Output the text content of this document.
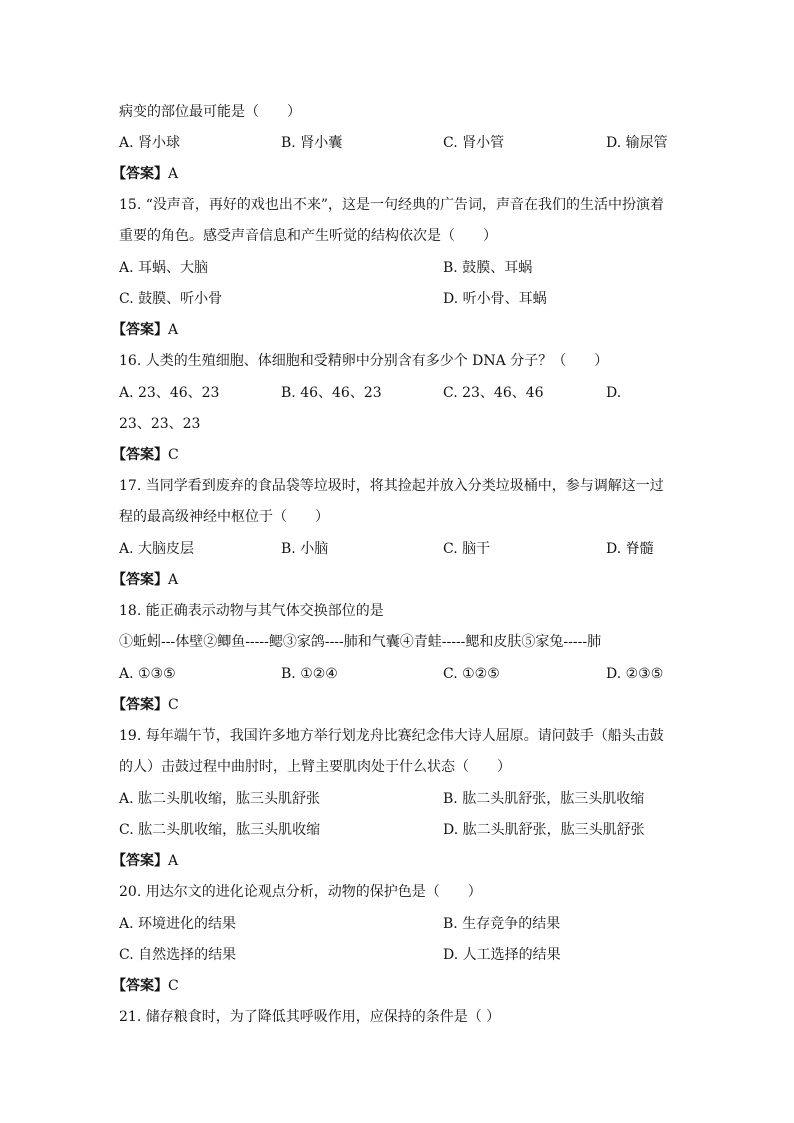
病变的部位最可能是（　　）
A. 肾小球	B. 肾小囊	C. 肾小管	D. 输尿管
【答案】A
15. “没声音，再好的戏也出不来”，这是一句经典的广告词，声音在我们的生活中扮演着
重要的角色。感受声音信息和产生听觉的结构依次是（　　）
A. 耳蜗、大脑	B. 鼓膜、耳蜗
C. 鼓膜、听小骨	D. 听小骨、耳蜗
【答案】A
16. 人类的生殖细胞、体细胞和受精卵中分别含有多少个 DNA 分子？（　　）
A. 23、46、23	B. 46、46、23	C. 23、46、46	D.
23、23、23
【答案】C
17. 当同学看到废弃的食品袋等垃圾时，将其捡起并放入分类垃圾桶中，参与调解这一过
程的最高级神经中枢位于（　　）
A. 大脑皮层	B. 小脑	C. 脑干	D. 脊髓
【答案】A
18. 能正确表示动物与其气体交换部位的是
①蚯蚓---体壁②鲫鱼-----鳃③家鸽----肺和气囊④青蛙-----鳃和皮肤⑤家兔-----肺
A. ①③⑤	B. ①②④	C. ①②⑤	D. ②③⑤
【答案】C
19. 每年端午节，我国许多地方举行划龙舟比赛纪念伟大诗人屈原。请问鼓手（船头击鼓
的人）击鼓过程中曲肘时，上臂主要肌肉处于什么状态（　　）
A. 肱二头肌收缩，肱三头肌舒张	B. 肱二头肌舒张，肱三头肌收缩
C. 肱二头肌收缩，肱三头肌收缩	D. 肱二头肌舒张，肱三头肌舒张
【答案】A
20. 用达尔文的进化论观点分析，动物的保护色是（　　）
A. 环境进化的结果	B. 生存竞争的结果
C. 自然选择的结果	D. 人工选择的结果
【答案】C
21. 储存粮食时，为了降低其呼吸作用，应保持的条件是（ ）
